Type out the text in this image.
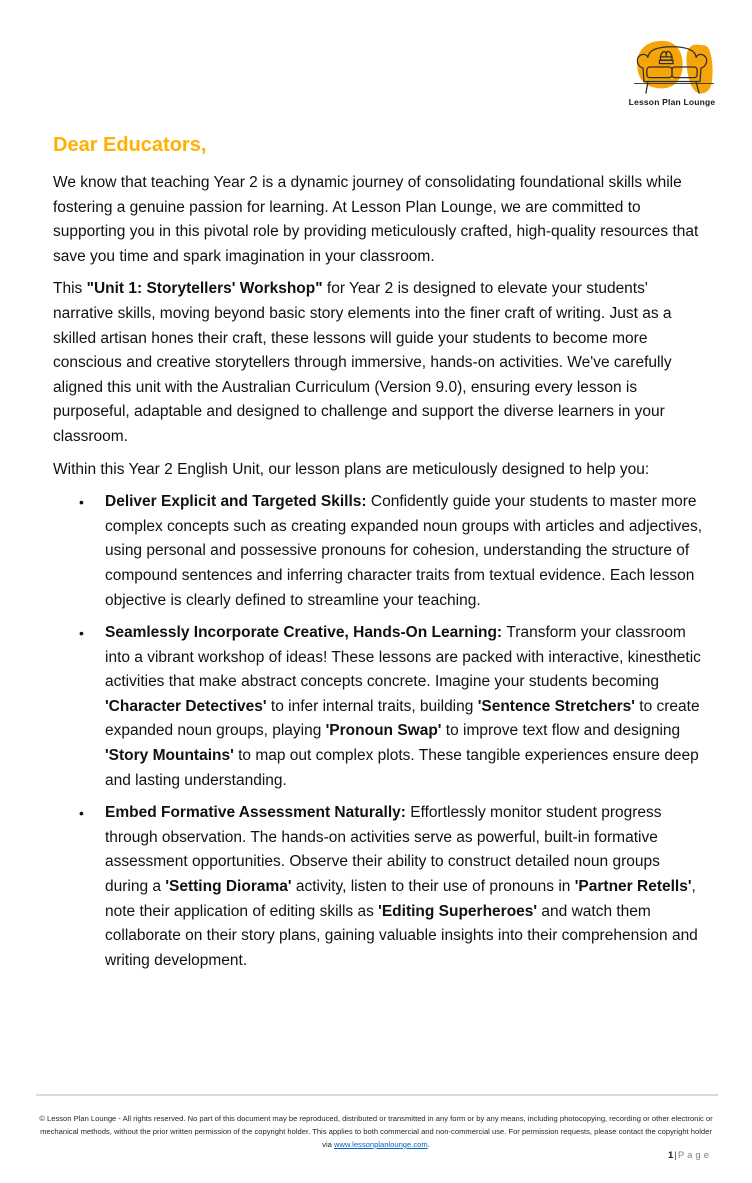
Lesson Plan Lounge
Dear Educators,

We know that teaching Year 2 is a dynamic journey of consolidating foundational skills while fostering a genuine passion for learning. At Lesson Plan Lounge, we are committed to supporting you in this pivotal role by providing meticulously crafted, high-quality resources that save you time and spark imagination in your classroom.

This "Unit 1: Storytellers' Workshop" for Year 2 is designed to elevate your students' narrative skills, moving beyond basic story elements into the finer craft of writing. Just as a skilled artisan hones their craft, these lessons will guide your students to become more conscious and creative storytellers through immersive, hands-on activities. We've carefully aligned this unit with the Australian Curriculum (Version 9.0), ensuring every lesson is purposeful, adaptable and designed to challenge and support the diverse learners in your classroom.

Within this Year 2 English Unit, our lesson plans are meticulously designed to help you:

• Deliver Explicit and Targeted Skills: Confidently guide your students to master more complex concepts such as creating expanded noun groups with articles and adjectives, using personal and possessive pronouns for cohesion, understanding the structure of compound sentences and inferring character traits from textual evidence. Each lesson objective is clearly defined to streamline your teaching.
• Seamlessly Incorporate Creative, Hands-On Learning: Transform your classroom into a vibrant workshop of ideas! These lessons are packed with interactive, kinesthetic activities that make abstract concepts concrete. Imagine your students becoming 'Character Detectives' to infer internal traits, building 'Sentence Stretchers' to create expanded noun groups, playing 'Pronoun Swap' to improve text flow and designing 'Story Mountains' to map out complex plots. These tangible experiences ensure deep and lasting understanding.
• Embed Formative Assessment Naturally: Effortlessly monitor student progress through observation. The hands-on activities serve as powerful, built-in formative assessment opportunities. Observe their ability to construct detailed noun groups during a 'Setting Diorama' activity, listen to their use of pronouns in 'Partner Retells', note their application of editing skills as 'Editing Superheroes' and watch them collaborate on their story plans, gaining valuable insights into their comprehension and writing development.
© Lesson Plan Lounge - All rights reserved. No part of this document may be reproduced, distributed or transmitted in any form or by any means, including photocopying, recording or other electronic or mechanical methods, without the prior written permission of the copyright holder. This applies to both commercial and non-commercial use. For permission requests, please contact the copyright holder via www.lessonplanlounge.com.
1|Page
